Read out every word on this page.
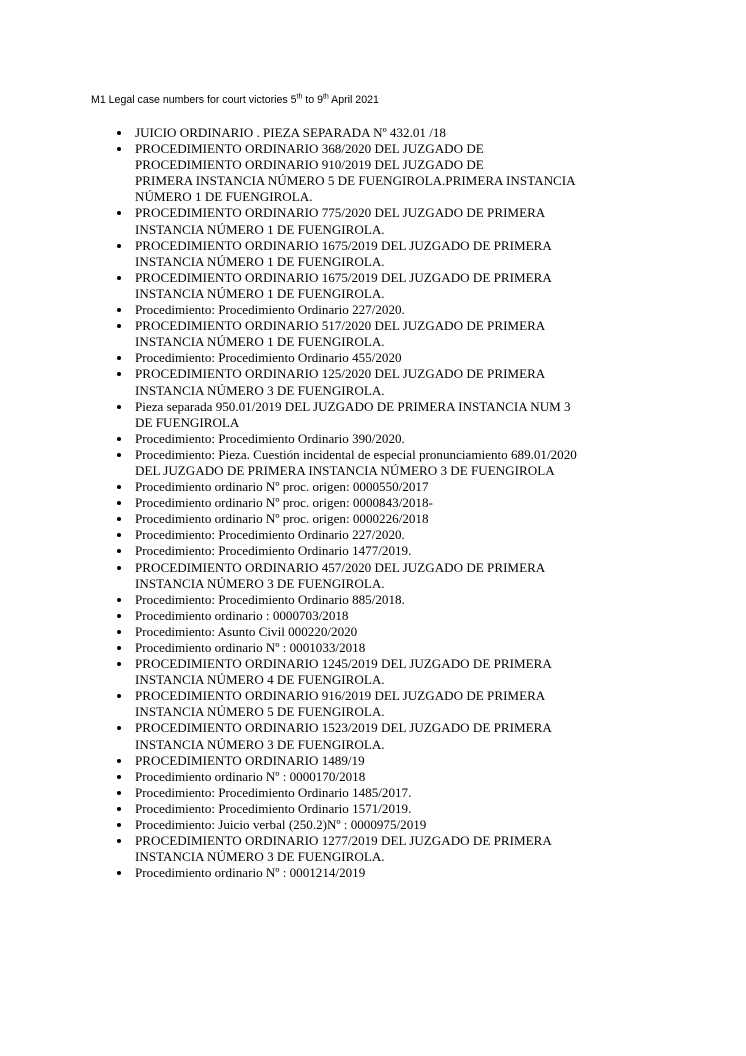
M1 Legal case numbers for court victories 5th to 9th April 2021
JUICIO ORDINARIO . PIEZA SEPARADA Nº 432.01 /18
PROCEDIMIENTO ORDINARIO 368/2020 DEL JUZGADO DE
PROCEDIMIENTO ORDINARIO 910/2019 DEL JUZGADO DE
PRIMERA INSTANCIA NÚMERO 5 DE FUENGIROLA.PRIMERA INSTANCIA
NÚMERO 1 DE FUENGIROLA.
PROCEDIMIENTO ORDINARIO 775/2020 DEL JUZGADO DE PRIMERA
INSTANCIA NÚMERO 1 DE FUENGIROLA.
PROCEDIMIENTO ORDINARIO 1675/2019 DEL JUZGADO DE PRIMERA
INSTANCIA NÚMERO 1 DE FUENGIROLA.
PROCEDIMIENTO ORDINARIO 1675/2019 DEL JUZGADO DE PRIMERA
INSTANCIA NÚMERO 1 DE FUENGIROLA.
Procedimiento: Procedimiento Ordinario 227/2020.
PROCEDIMIENTO ORDINARIO 517/2020 DEL JUZGADO DE PRIMERA
INSTANCIA NÚMERO 1 DE FUENGIROLA.
Procedimiento: Procedimiento Ordinario 455/2020
PROCEDIMIENTO ORDINARIO 125/2020 DEL JUZGADO DE PRIMERA
INSTANCIA NÚMERO 3 DE FUENGIROLA.
Pieza separada 950.01/2019 DEL JUZGADO DE PRIMERA INSTANCIA NUM 3
DE FUENGIROLA
Procedimiento: Procedimiento Ordinario 390/2020.
Procedimiento: Pieza. Cuestión incidental de especial pronunciamiento 689.01/2020
DEL JUZGADO DE PRIMERA INSTANCIA NÚMERO 3 DE FUENGIROLA
Procedimiento ordinario Nº proc. origen: 0000550/2017
Procedimiento ordinario Nº proc. origen: 0000843/2018-
Procedimiento ordinario Nº proc. origen: 0000226/2018
Procedimiento: Procedimiento Ordinario 227/2020.
Procedimiento: Procedimiento Ordinario 1477/2019.
PROCEDIMIENTO ORDINARIO 457/2020 DEL JUZGADO DE PRIMERA
INSTANCIA NÚMERO 3 DE FUENGIROLA.
Procedimiento: Procedimiento Ordinario 885/2018.
Procedimiento ordinario : 0000703/2018
Procedimiento: Asunto Civil 000220/2020
Procedimiento ordinario Nº : 0001033/2018
PROCEDIMIENTO ORDINARIO 1245/2019 DEL JUZGADO DE PRIMERA
INSTANCIA NÚMERO 4 DE FUENGIROLA.
PROCEDIMIENTO ORDINARIO 916/2019 DEL JUZGADO DE PRIMERA
INSTANCIA NÚMERO 5 DE FUENGIROLA.
PROCEDIMIENTO ORDINARIO 1523/2019 DEL JUZGADO DE PRIMERA
INSTANCIA NÚMERO 3 DE FUENGIROLA.
PROCEDIMIENTO ORDINARIO 1489/19
Procedimiento ordinario Nº : 0000170/2018
Procedimiento: Procedimiento Ordinario 1485/2017.
Procedimiento: Procedimiento Ordinario 1571/2019.
Procedimiento: Juicio verbal (250.2)Nº : 0000975/2019
PROCEDIMIENTO ORDINARIO 1277/2019 DEL JUZGADO DE PRIMERA
INSTANCIA NÚMERO 3 DE FUENGIROLA.
Procedimiento ordinario Nº : 0001214/2019
